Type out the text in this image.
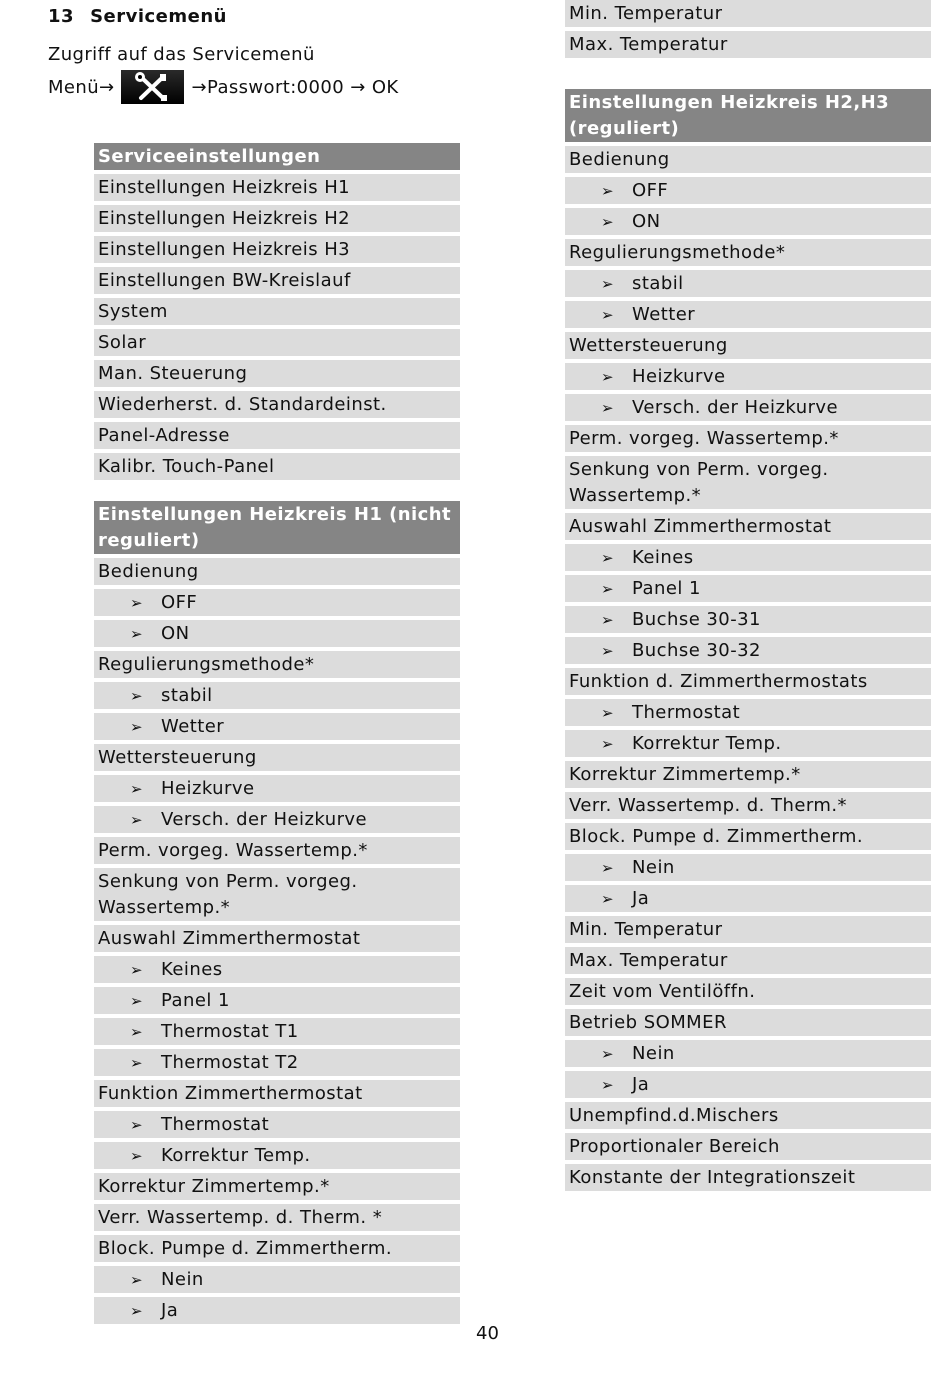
13 Servicemenü
Zugriff auf das Servicemenü
Menü→	→Passwort:0000 → OK
Serviceeinstellungen
Einstellungen Heizkreis H1
Einstellungen Heizkreis H2
Einstellungen Heizkreis H3
Einstellungen BW-Kreislauf
System
Solar
Man. Steuerung
Wiederherst. d. Standardeinst.
Panel-Adresse
Kalibr. Touch-Panel
Einstellungen Heizkreis H1 (nicht reguliert)
Bedienung
➢ OFF
➢ ON
Regulierungsmethode*
➢ stabil
➢ Wetter
Wettersteuerung
➢ Heizkurve
➢ Versch. der Heizkurve
Perm. vorgeg. Wassertemp.*
Senkung von Perm. vorgeg. Wassertemp.*
Auswahl Zimmerthermostat
➢ Keines
➢ Panel 1
➢ Thermostat T1
➢ Thermostat T2
Funktion Zimmerthermostat
➢ Thermostat
➢ Korrektur Temp.
Korrektur Zimmertemp.*
Verr. Wassertemp. d. Therm. *
Block. Pumpe d. Zimmertherm.
➢ Nein
➢ Ja
Min. Temperatur
Max. Temperatur
Einstellungen Heizkreis H2,H3 (reguliert)
Bedienung
➢ OFF
➢ ON
Regulierungsmethode*
➢ stabil
➢ Wetter
Wettersteuerung
➢ Heizkurve
➢ Versch. der Heizkurve
Perm. vorgeg. Wassertemp.*
Senkung von Perm. vorgeg. Wassertemp.*
Auswahl Zimmerthermostat
➢ Keines
➢ Panel 1
➢ Buchse 30-31
➢ Buchse 30-32
Funktion d. Zimmerthermostats
➢ Thermostat
➢ Korrektur Temp.
Korrektur Zimmertemp.*
Verr. Wassertemp. d. Therm.*
Block. Pumpe d. Zimmertherm.
➢ Nein
➢ Ja
Min. Temperatur
Max. Temperatur
Zeit vom Ventilöffn.
Betrieb SOMMER
➢ Nein
➢ Ja
Unempfind.d.Mischers
Proportionaler Bereich
Konstante der Integrationszeit
40
